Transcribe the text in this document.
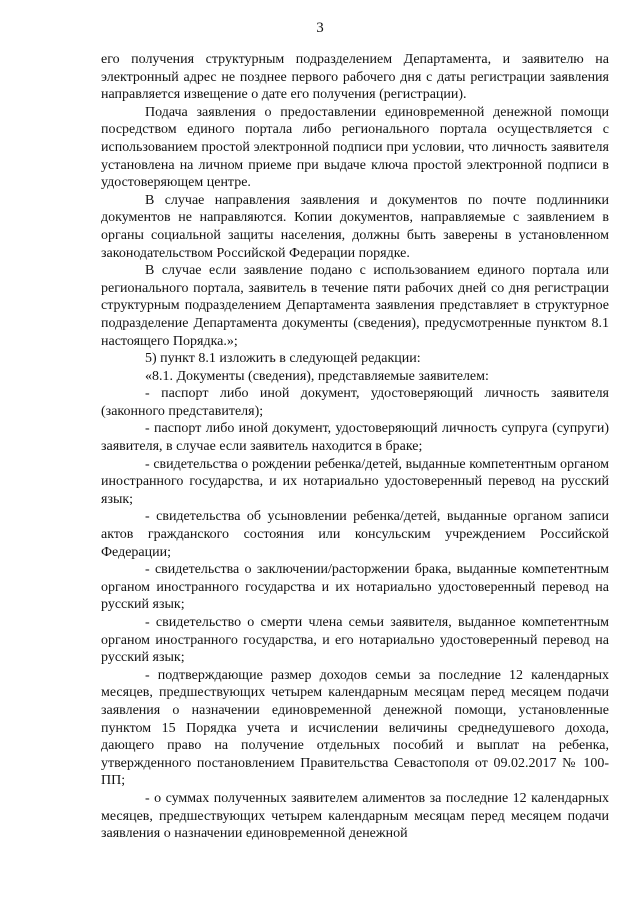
3

его получения структурным подразделением Департамента, и заявителю на электронный адрес не позднее первого рабочего дня с даты регистрации заявления направляется извещение о дате его получения (регистрации).

Подача заявления о предоставлении единовременной денежной помощи посредством единого портала либо регионального портала осуществляется с использованием простой электронной подписи при условии, что личность заявителя установлена на личном приеме при выдаче ключа простой электронной подписи в удостоверяющем центре.

В случае направления заявления и документов по почте подлинники документов не направляются. Копии документов, направляемые с заявлением в органы социальной защиты населения, должны быть заверены в установленном законодательством Российской Федерации порядке.

В случае если заявление подано с использованием единого портала или регионального портала, заявитель в течение пяти рабочих дней со дня регистрации структурным подразделением Департамента заявления представляет в структурное подразделение Департамента документы (сведения), предусмотренные пунктом 8.1 настоящего Порядка.»;

5) пункт 8.1 изложить в следующей редакции:

«8.1. Документы (сведения), представляемые заявителем:

- паспорт либо иной документ, удостоверяющий личность заявителя (законного представителя);

- паспорт либо иной документ, удостоверяющий личность супруга (супруги) заявителя, в случае если заявитель находится в браке;

- свидетельства о рождении ребенка/детей, выданные компетентным органом иностранного государства, и их нотариально удостоверенный перевод на русский язык;

- свидетельства об усыновлении ребенка/детей, выданные органом записи актов гражданского состояния или консульским учреждением Российской Федерации;

- свидетельства о заключении/расторжении брака, выданные компетентным органом иностранного государства и их нотариально удостоверенный перевод на русский язык;

- свидетельство о смерти члена семьи заявителя, выданное компетентным органом иностранного государства, и его нотариально удостоверенный перевод на русский язык;

- подтверждающие размер доходов семьи за последние 12 календарных месяцев, предшествующих четырем календарным месяцам перед месяцем подачи заявления о назначении единовременной денежной помощи, установленные пунктом 15 Порядка учета и исчислении величины среднедушевого дохода, дающего право на получение отдельных пособий и выплат на ребенка, утвержденного постановлением Правительства Севастополя от 09.02.2017 № 100-ПП;

- о суммах полученных заявителем алиментов за последние 12 календарных месяцев, предшествующих четырем календарным месяцам перед месяцем подачи заявления о назначении единовременной денежной
